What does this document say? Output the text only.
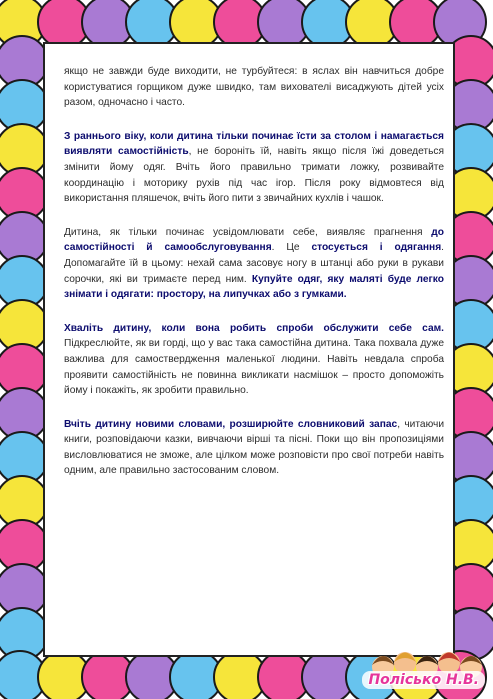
якщо не завжди буде виходити, не турбуйтеся: в яслах він навчиться добре користуватися горщиком дуже швидко, там вихователі висаджують дітей усіх разом, одночасно і часто.

З раннього віку, коли дитина тільки починає їсти за столом і намагається виявляти самостійність, не бороніть їй, навіть якщо після їжі доведеться змінити йому одяг. Вчіть його правильно тримати ложку, розвивайте координацію і моторику рухів під час ігор. Після року відмовтеся від використання пляшечок, вчіть його пити з звичайних кухлів і чашок.

Дитина, як тільки починає усвідомлювати себе, виявляє прагнення до самостійності й самообслуговування. Це стосується і одягання. Допомагайте їй в цьому: нехай сама засовує ногу в штанці або руки в рукави сорочки, які ви тримаєте перед ним. Купуйте одяг, яку маляті буде легко знімати і одягати: простору, на липучках або з гумками.

Хваліть дитину, коли вона робить спроби обслужити себе сам. Підкреслюйте, як ви горді, що у вас така самостійна дитина. Така похвала дуже важлива для самоствердження маленької людини. Навіть невдала спроба проявити самостійність не повинна викликати насмішок – просто допоможіть йому і покажіть, як зробити правильно.

Вчіть дитину новими словами, розширюйте словниковий запас, читаючи книги, розповідаючи казки, вивчаючи вірші та пісні. Поки що він пропозиціями висловлюватися не зможе, але цілком може розповісти про свої потреби навіть одним, але правильно застосованим словом.

Полісько Н.В.
